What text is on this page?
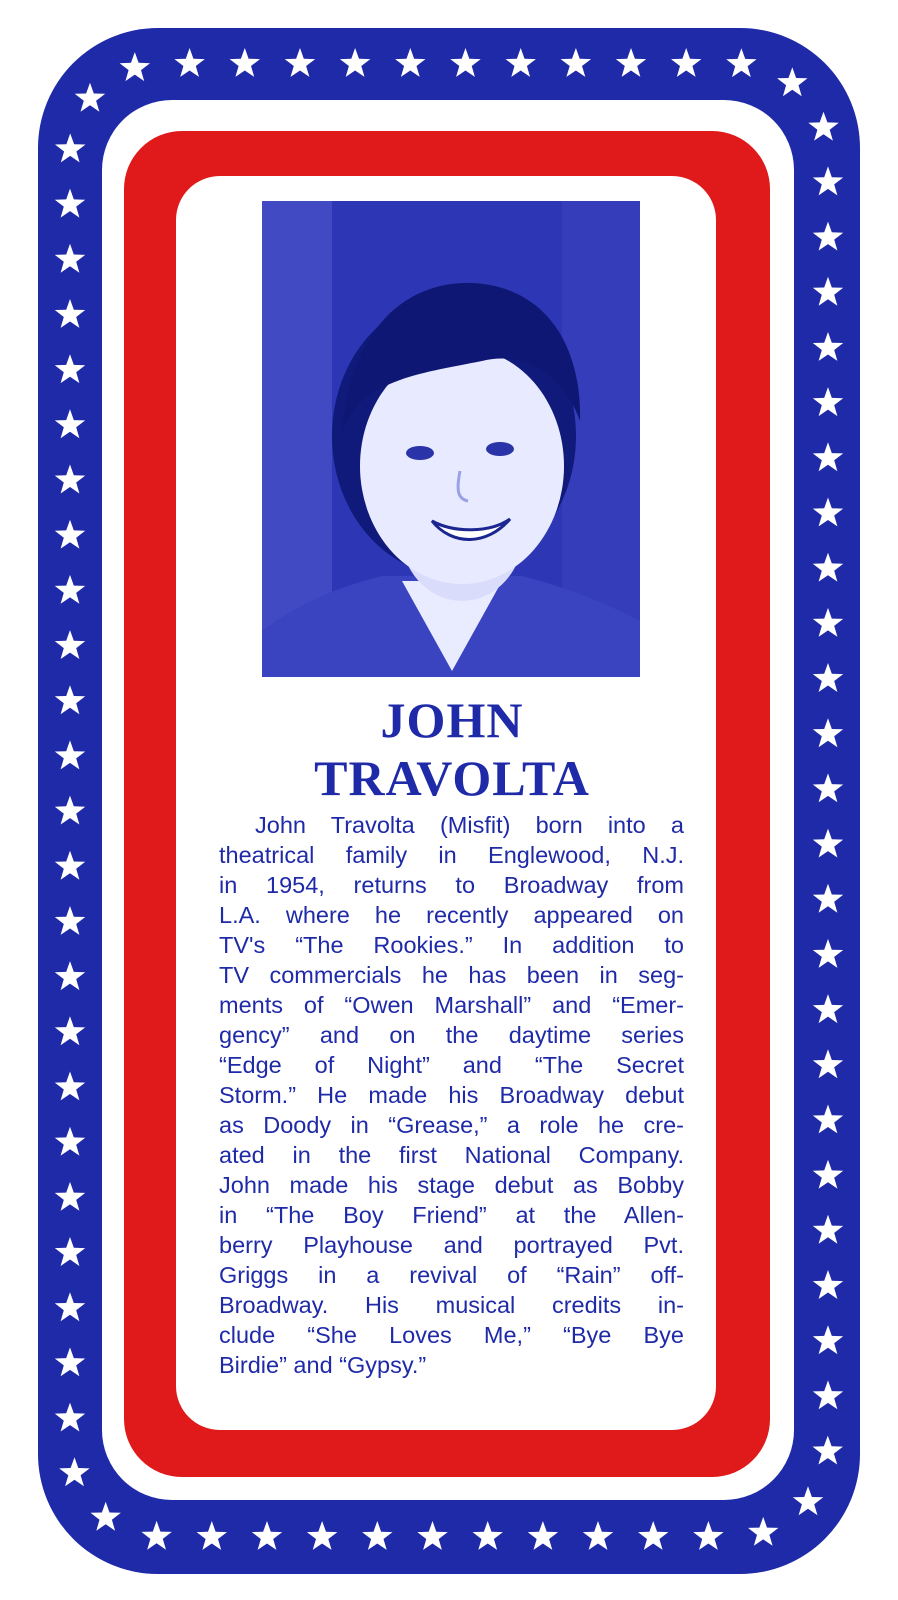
JOHN
TRAVOLTA

John Travolta (Misfit) born into a
theatrical family in Englewood, N.J.
in 1954, returns to Broadway from
L.A. where he recently appeared on
TV's “The Rookies.” In addition to
TV commercials he has been in seg-
ments of “Owen Marshall” and “Emer-
gency” and on the daytime series
“Edge of Night” and “The Secret
Storm.” He made his Broadway debut
as Doody in “Grease,” a role he cre-
ated in the first National Company.
John made his stage debut as Bobby
in “The Boy Friend” at the Allen-
berry Playhouse and portrayed Pvt.
Griggs in a revival of “Rain” off-
Broadway. His musical credits in-
clude “She Loves Me,” “Bye Bye
Birdie” and “Gypsy.”
